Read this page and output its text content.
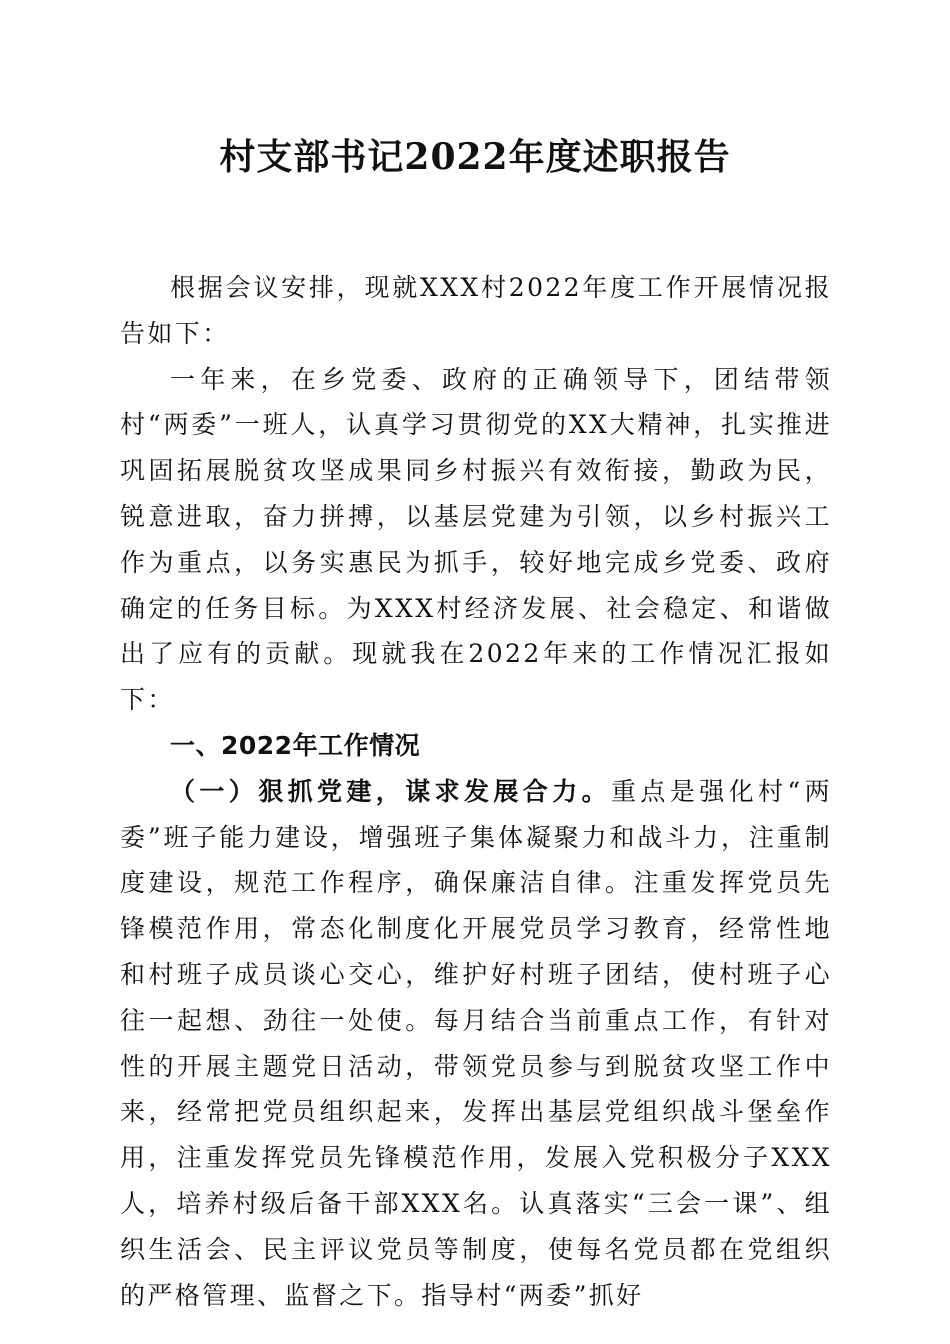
村支部书记2022年度述职报告

根据会议安排，现就XXX村2022年度工作开展情况报告如下：

一年来，在乡党委、政府的正确领导下，团结带领村“两委”一班人，认真学习贯彻党的XX大精神，扎实推进巩固拓展脱贫攻坚成果同乡村振兴有效衔接，勤政为民，锐意进取，奋力拼搏，以基层党建为引领，以乡村振兴工作为重点，以务实惠民为抓手，较好地完成乡党委、政府确定的任务目标。为XXX村经济发展、社会稳定、和谐做出了应有的贡献。现就我在2022年来的工作情况汇报如下：

一、2022年工作情况

（一）狠抓党建，谋求发展合力。重点是强化村“两委”班子能力建设，增强班子集体凝聚力和战斗力，注重制度建设，规范工作程序，确保廉洁自律。注重发挥党员先锋模范作用，常态化制度化开展党员学习教育，经常性地和村班子成员谈心交心，维护好村班子团结，使村班子心往一起想、劲往一处使。每月结合当前重点工作，有针对性的开展主题党日活动，带领党员参与到脱贫攻坚工作中来，经常把党员组织起来，发挥出基层党组织战斗堡垒作用，注重发挥党员先锋模范作用，发展入党积极分子XXX人，培养村级后备干部XXX名。认真落实“三会一课”、组织生活会、民主评议党员等制度，使每名党员都在党组织的严格管理、监督之下。指导村“两委”抓好
